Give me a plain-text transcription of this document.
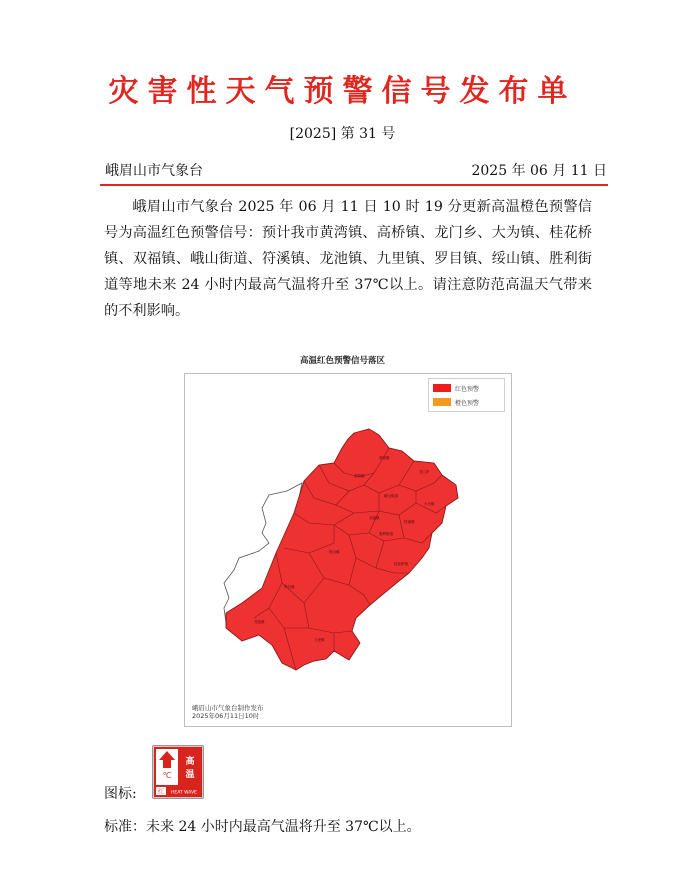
灾害性天气预警信号发布单
[2025] 第 31 号
峨眉山市气象台	2025 年 06 月 11 日

峨眉山市气象台 2025 年 06 月 11 日 10 时 19 分更新高温橙色预警信号为高温红色预警信号：预计我市黄湾镇、高桥镇、龙门乡、大为镇、桂花桥镇、双福镇、峨山街道、符溪镇、龙池镇、九里镇、罗目镇、绥山镇、胜利街道等地未来 24 小时内最高气温将升至 37℃以上。请注意防范高温天气带来的不利影响。

高温红色预警信号落区
黄湾镇
高桥镇
龙门乡
峨山街道
大为镇
双福镇
符溪镇
胜利街道
桂花桥镇
绥山镇
罗目镇
龙池镇
九里镇
红色预警
橙色预警
峨眉山市气象台制作发布
2025年06月11日10时
图标:
℃
高
温
红 HEAT WAVE
标准：未来 24 小时内最高气温将升至 37℃以上。
